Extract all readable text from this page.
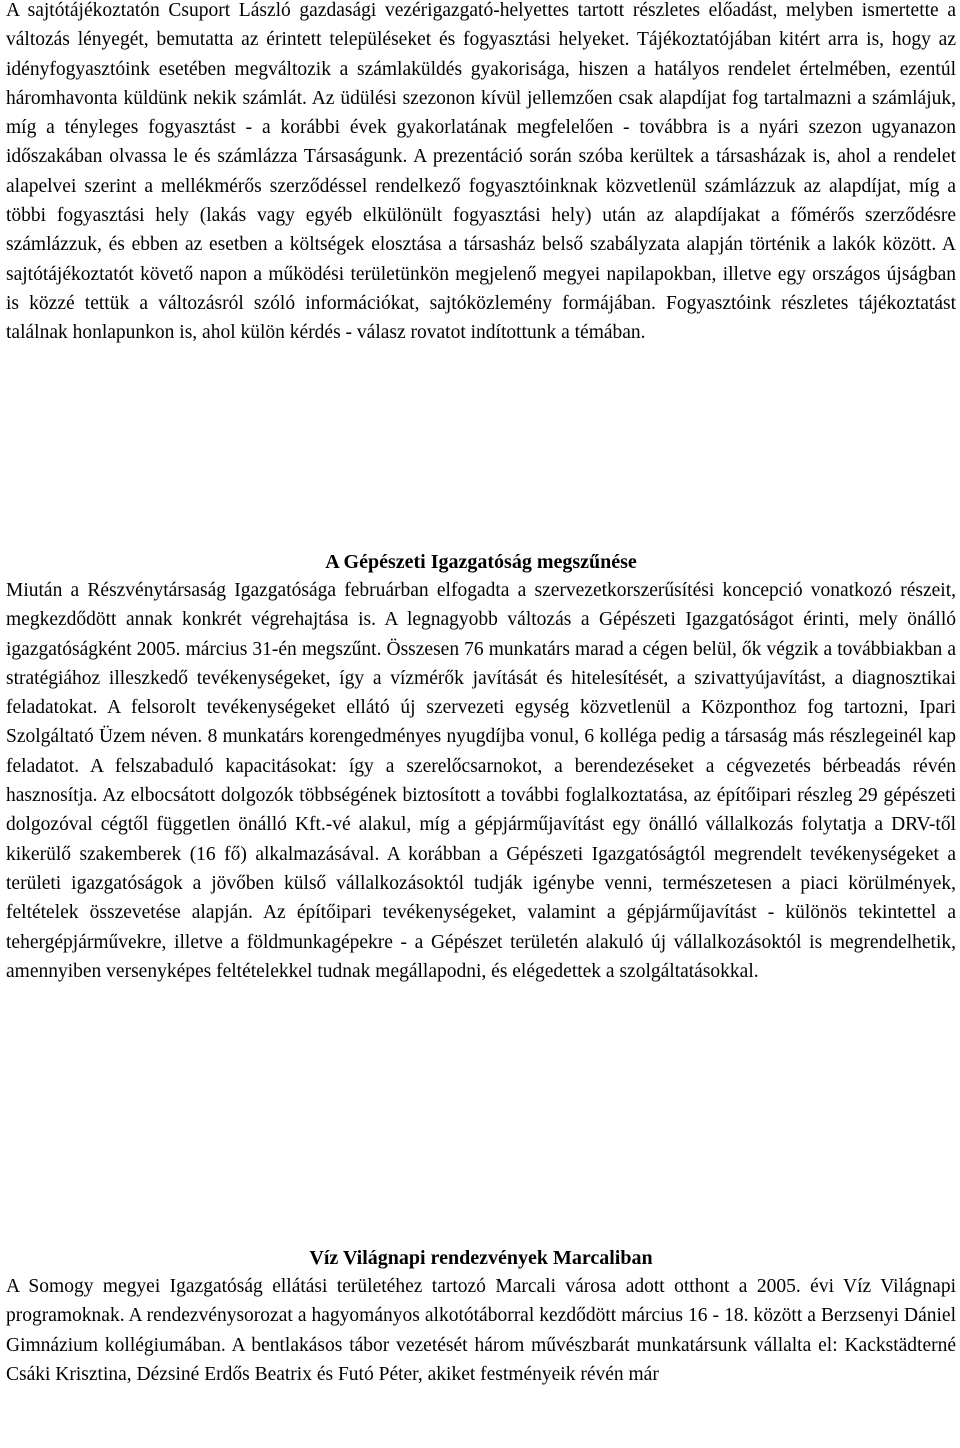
A sajtótájékoztatón Csuport László gazdasági vezérigazgató-helyettes tartott részletes előadást, melyben ismertette a változás lényegét, bemutatta az érintett településeket és fogyasztási helyeket. Tájékoztatójában kitért arra is, hogy az idényfogyasztóink esetében megváltozik a számlaküldés gyakorisága, hiszen a hatályos rendelet értelmében, ezentúl háromhavonta küldünk nekik számlát. Az üdülési szezonon kívül jellemzően csak alapdíjat fog tartalmazni a számlájuk, míg a tényleges fogyasztást - a korábbi évek gyakorlatának megfelelően - továbbra is a nyári szezon ugyanazon időszakában olvassa le és számlázza Társaságunk. A prezentáció során szóba kerültek a társasházak is, ahol a rendelet alapelvei szerint a mellékmérős szerződéssel rendelkező fogyasztóinknak közvetlenül számlázzuk az alapdíjat, míg a többi fogyasztási hely (lakás vagy egyéb elkülönült fogyasztási hely) után az alapdíjakat a főmérős szerződésre számlázzuk, és ebben az esetben a költségek elosztása a társasház belső szabályzata alapján történik a lakók között. A sajtótájékoztatót követő napon a működési területünkön megjelenő megyei napilapokban, illetve egy országos újságban is közzé tettük a változásról szóló információkat, sajtóközlemény formájában. Fogyasztóink részletes tájékoztatást találnak honlapunkon is, ahol külön kérdés - válasz rovatot indítottunk a témában.

A Gépészeti Igazgatóság megszűnése

Miután a Részvénytársaság Igazgatósága februárban elfogadta a szervezetkorszerűsítési koncepció vonatkozó részeit, megkezdődött annak konkrét végrehajtása is. A legnagyobb változás a Gépészeti Igazgatóságot érinti, mely önálló igazgatóságként 2005. március 31-én megszűnt. Összesen 76 munkatárs marad a cégen belül, ők végzik a továbbiakban a stratégiához illeszkedő tevékenységeket, így a vízmérők javítását és hitelesítését, a szivattyújavítást, a diagnosztikai feladatokat. A felsorolt tevékenységeket ellátó új szervezeti egység közvetlenül a Központhoz fog tartozni, Ipari Szolgáltató Üzem néven. 8 munkatárs korengedményes nyugdíjba vonul, 6 kolléga pedig a társaság más részlegeinél kap feladatot. A felszabaduló kapacitásokat: így a szerelőcsarnokot, a berendezéseket a cégvezetés bérbeadás révén hasznosítja. Az elbocsátott dolgozók többségének biztosított a további foglalkoztatása, az építőipari részleg 29 gépészeti dolgozóval cégtől független önálló Kft.-vé alakul, míg a gépjárműjavítást egy önálló vállalkozás folytatja a DRV-től kikerülő szakemberek (16 fő) alkalmazásával. A korábban a Gépészeti Igazgatóságtól megrendelt tevékenységeket a területi igazgatóságok a jövőben külső vállalkozásoktól tudják igénybe venni, természetesen a piaci körülmények, feltételek összevetése alapján. Az építőipari tevékenységeket, valamint a gépjárműjavítást - különös tekintettel a tehergépjárművekre, illetve a földmunkagépekre - a Gépészet területén alakuló új vállalkozásoktól is megrendelhetik, amennyiben versenyképes feltételekkel tudnak megállapodni, és elégedettek a szolgáltatásokkal.

Víz Világnapi rendezvények Marcaliban

A Somogy megyei Igazgatóság ellátási területéhez tartozó Marcali városa adott otthont a 2005. évi Víz Világnapi programoknak. A rendezvénysorozat a hagyományos alkotótáborral kezdődött március 16 - 18. között a Berzsenyi Dániel Gimnázium kollégiumában. A bentlakásos tábor vezetését három művészbarát munkatársunk vállalta el: Kackstädterné Csáki Krisztina, Dézsiné Erdős Beatrix és Futó Péter, akiket festményeik révén már
